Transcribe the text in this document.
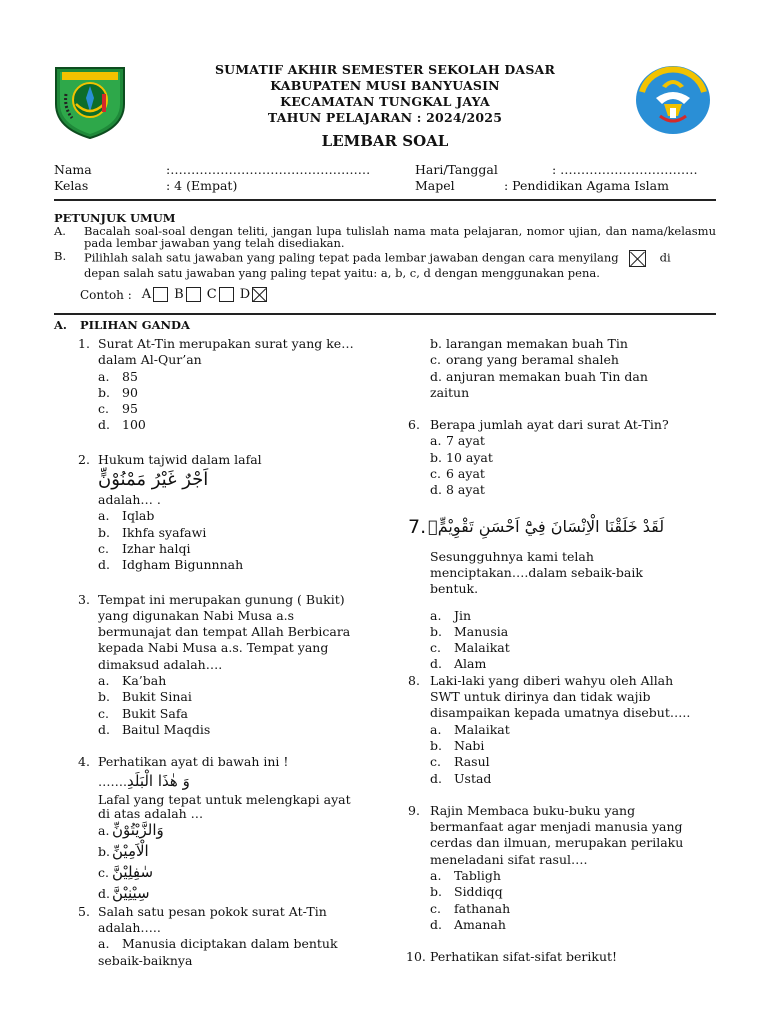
SUMATIF AKHIR SEMESTER SEKOLAH DASAR
KABUPATEN MUSI BANYUASIN
KECAMATAN TUNGKAL JAYA
TAHUN PELAJARAN : 2024/2025
LEMBAR SOAL
Nama	:…………………………………………	Hari/Tanggal	: ……………………………
Kelas	: 4 (Empat)	Mapel	: Pendidikan Agama Islam
PETUNJUK UMUM
A. Bacalah soal-soal dengan teliti, jangan lupa tulislah nama mata pelajaran, nomor ujian, dan nama/kelasmu pada lembar jawaban yang telah disediakan.
B. Pilihlah salah satu jawaban yang paling tepat pada lembar jawaban dengan cara menyilang ☒ di
depan salah satu jawaban yang paling tepat yaitu: a, b, c, d dengan menggunakan pena.
Contoh : A B C D
A. PILIHAN GANDA
1. Surat At-Tin merupakan surat yang ke…
dalam Al-Qur’an
a. 85
b. 90
c. 95
d. 100
2. Hukum tajwid dalam lafal
اَجْرٌ غَيْرُ مَمْنُوْنٍّ
adalah… .
a. Iqlab
b. Ikhfa syafawi
c. Izhar halqi
d. Idgham Bigunnnah
3. Tempat ini merupakan gunung ( Bukit)
yang digunakan Nabi Musa a.s
bermunajat dan tempat Allah Berbicara
kepada Nabi Musa a.s. Tempat yang
dimaksud adalah….
a. Ka’bah
b. Bukit Sinai
c. Bukit Safa
d. Baitul Maqdis
4. Perhatikan ayat di bawah ini !
…….وَ هٰذَا الْبَلَدِ
Lafal yang tepat untuk melengkapi ayat
di atas adalah …
a. وَالزَّيْتُوْنِّ
b. الْاَمِيْنِّ
c. سٰفِلِيْنَّ
d. سِيْنِيْنَّ
5. Salah satu pesan pokok surat At-Tin
adalah…..
a. Manusia diciptakan dalam bentuk
sebaik-baiknya
b. larangan memakan buah Tin
c. orang yang beramal shaleh
d. anjuran memakan buah Tin dan
zaitun
6. Berapa jumlah ayat dari surat At-Tin?
a. 7 ayat
b. 10 ayat
c. 6 ayat
d. 8 ayat
7. لَقَدْ خَلَقْنَا الْاِنْسَانَ فِيْٓ اَحْسَنِ تَقْوِيْمٍّۖ
Sesungguhnya kami telah
menciptakan….dalam sebaik-baik
bentuk.
a. Jin
b. Manusia
c. Malaikat
d. Alam
8. Laki-laki yang diberi wahyu oleh Allah
SWT untuk dirinya dan tidak wajib
disampaikan kepada umatnya disebut…..
a. Malaikat
b. Nabi
c. Rasul
d. Ustad
9. Rajin Membaca buku-buku yang
bermanfaat agar menjadi manusia yang
cerdas dan ilmuan, merupakan perilaku
meneladani sifat rasul….
a. Tabligh
b. Siddiqq
c. fathanah
d. Amanah
10. Perhatikan sifat-sifat berikut!
